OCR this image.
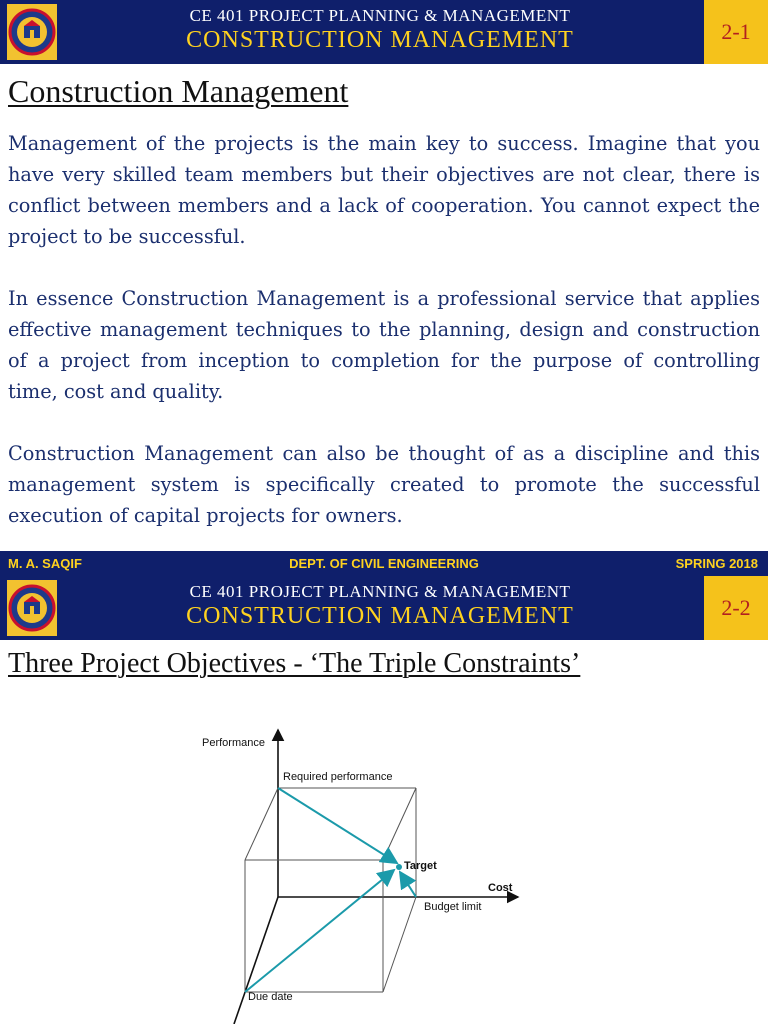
CE 401 PROJECT PLANNING & MANAGEMENT
CONSTRUCTION MANAGEMENT	2-1
Construction Management

Management of the projects is the main key to success. Imagine that you have very skilled team members but their objectives are not clear, there is conflict between members and a lack of cooperation. You cannot expect the project to be successful.

In essence Construction Management is a professional service that applies effective management techniques to the planning, design and construction of a project from inception to completion for the purpose of controlling time, cost and quality.

Construction Management can also be thought of as a discipline and this management system is specifically created to promote the successful execution of capital projects for owners.

M. A. SAQIF	DEPT. OF CIVIL ENGINEERING	SPRING 2018
CE 401 PROJECT PLANNING & MANAGEMENT
CONSTRUCTION MANAGEMENT	2-2
Three Project Objectives - ‘The Triple Constraints’
Performance
Required performance
Target
Cost
Budget limit
Due date
